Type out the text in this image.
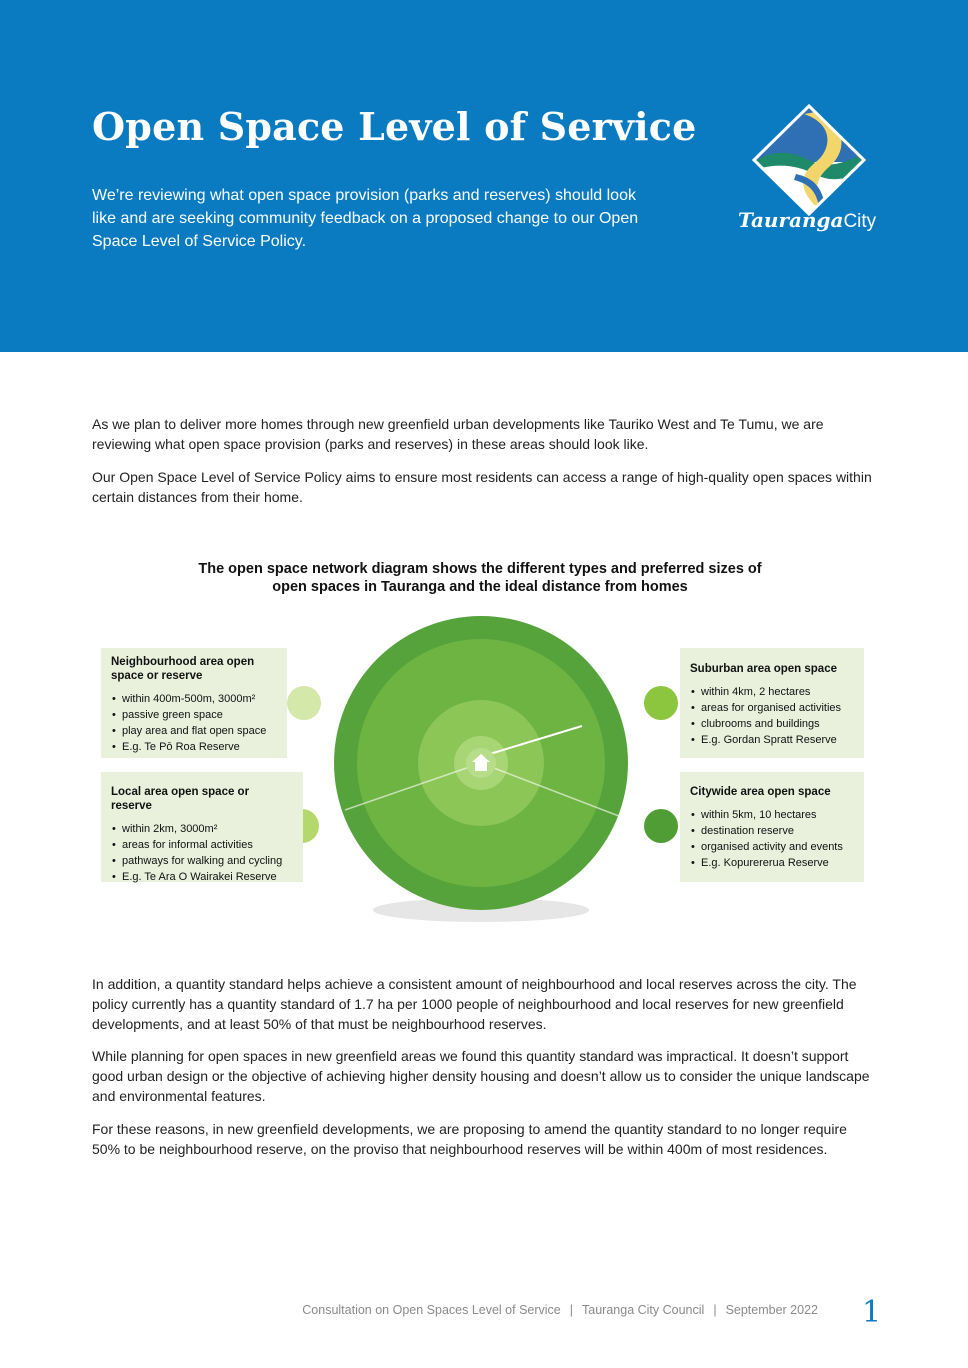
Open Space Level of Service

We’re reviewing what open space provision (parks and reserves) should look like and are seeking community feedback on a proposed change to our Open Space Level of Service Policy.

TaurangaCity

As we plan to deliver more homes through new greenfield urban developments like Tauriko West and Te Tumu, we are reviewing what open space provision (parks and reserves) in these areas should look like.

Our Open Space Level of Service Policy aims to ensure most residents can access a range of high-quality open spaces within certain distances from their home.

The open space network diagram shows the different types and preferred sizes of open spaces in Tauranga and the ideal distance from homes

Neighbourhood area open space or reserve
• within 400m-500m, 3000m²
• passive green space
• play area and flat open space
• E.g. Te Pō Roa Reserve
Local area open space or reserve
• within 2km, 3000m²
• areas for informal activities
• pathways for walking and cycling
• E.g. Te Ara O Wairakei Reserve
Suburban area open space
• within 4km, 2 hectares
• areas for organised activities
• clubrooms and buildings
• E.g. Gordan Spratt Reserve
Citywide area open space
• within 5km, 10 hectares
• destination reserve
• organised activity and events
• E.g. Kopurererua Reserve

In addition, a quantity standard helps achieve a consistent amount of neighbourhood and local reserves across the city. The policy currently has a quantity standard of 1.7 ha per 1000 people of neighbourhood and local reserves for new greenfield developments, and at least 50% of that must be neighbourhood reserves.

While planning for open spaces in new greenfield areas we found this quantity standard was impractical. It doesn’t support good urban design or the objective of achieving higher density housing and doesn’t allow us to consider the unique landscape and environmental features.

For these reasons, in new greenfield developments, we are proposing to amend the quantity standard to no longer require 50% to be neighbourhood reserve, on the proviso that neighbourhood reserves will be within 400m of most residences.

Consultation on Open Spaces Level of Service | Tauranga City Council | September 2022 1
